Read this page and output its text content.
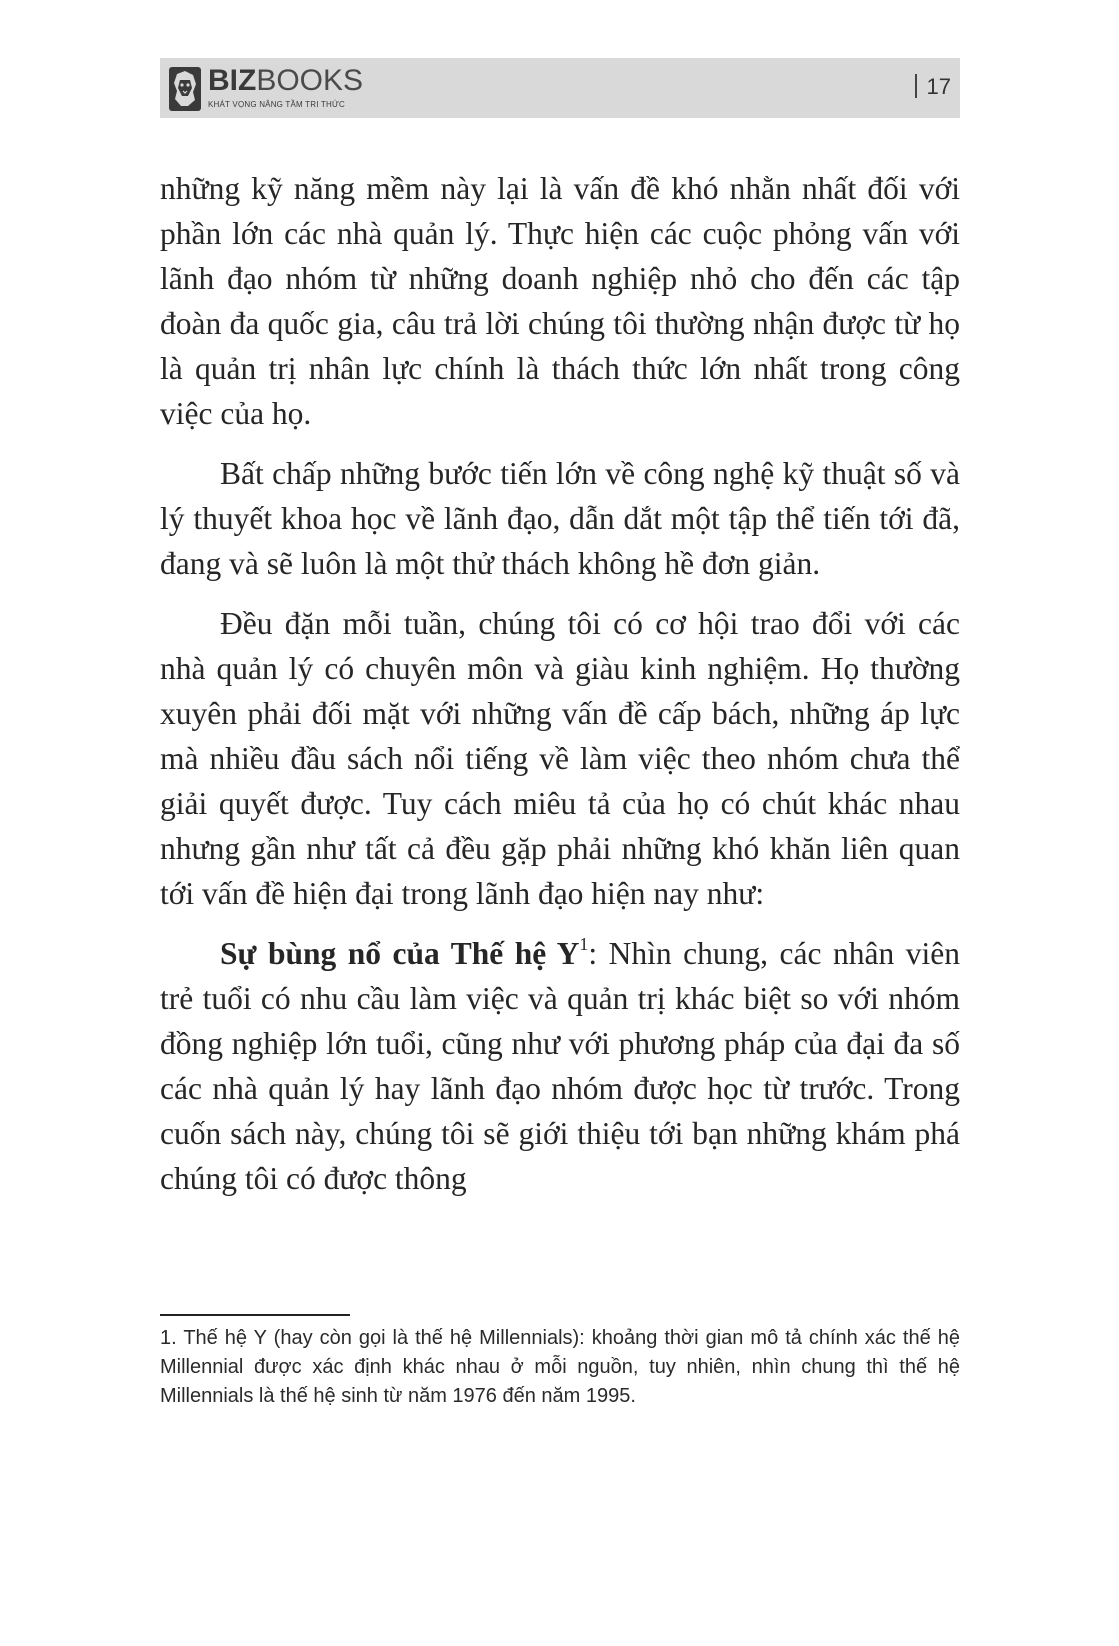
BIZBOOKS
KHÁT VỌNG NÂNG TẦM TRI THỨC
17

những kỹ năng mềm này lại là vấn đề khó nhằn nhất đối với phần lớn các nhà quản lý. Thực hiện các cuộc phỏng vấn với lãnh đạo nhóm từ những doanh nghiệp nhỏ cho đến các tập đoàn đa quốc gia, câu trả lời chúng tôi thường nhận được từ họ là quản trị nhân lực chính là thách thức lớn nhất trong công việc của họ.

Bất chấp những bước tiến lớn về công nghệ kỹ thuật số và lý thuyết khoa học về lãnh đạo, dẫn dắt một tập thể tiến tới đã, đang và sẽ luôn là một thử thách không hề đơn giản.

Đều đặn mỗi tuần, chúng tôi có cơ hội trao đổi với các nhà quản lý có chuyên môn và giàu kinh nghiệm. Họ thường xuyên phải đối mặt với những vấn đề cấp bách, những áp lực mà nhiều đầu sách nổi tiếng về làm việc theo nhóm chưa thể giải quyết được. Tuy cách miêu tả của họ có chút khác nhau nhưng gần như tất cả đều gặp phải những khó khăn liên quan tới vấn đề hiện đại trong lãnh đạo hiện nay như:

Sự bùng nổ của Thế hệ $Y^1$: Nhìn chung, các nhân viên trẻ tuổi có nhu cầu làm việc và quản trị khác biệt so với nhóm đồng nghiệp lớn tuổi, cũng như với phương pháp của đại đa số các nhà quản lý hay lãnh đạo nhóm được học từ trước. Trong cuốn sách này, chúng tôi sẽ giới thiệu tới bạn những khám phá chúng tôi có được thông

1. Thế hệ Y (hay còn gọi là thế hệ Millennials): khoảng thời gian mô tả chính xác thế hệ Millennial được xác định khác nhau ở mỗi nguồn, tuy nhiên, nhìn chung thì thế hệ Millennials là thế hệ sinh từ năm 1976 đến năm 1995.
